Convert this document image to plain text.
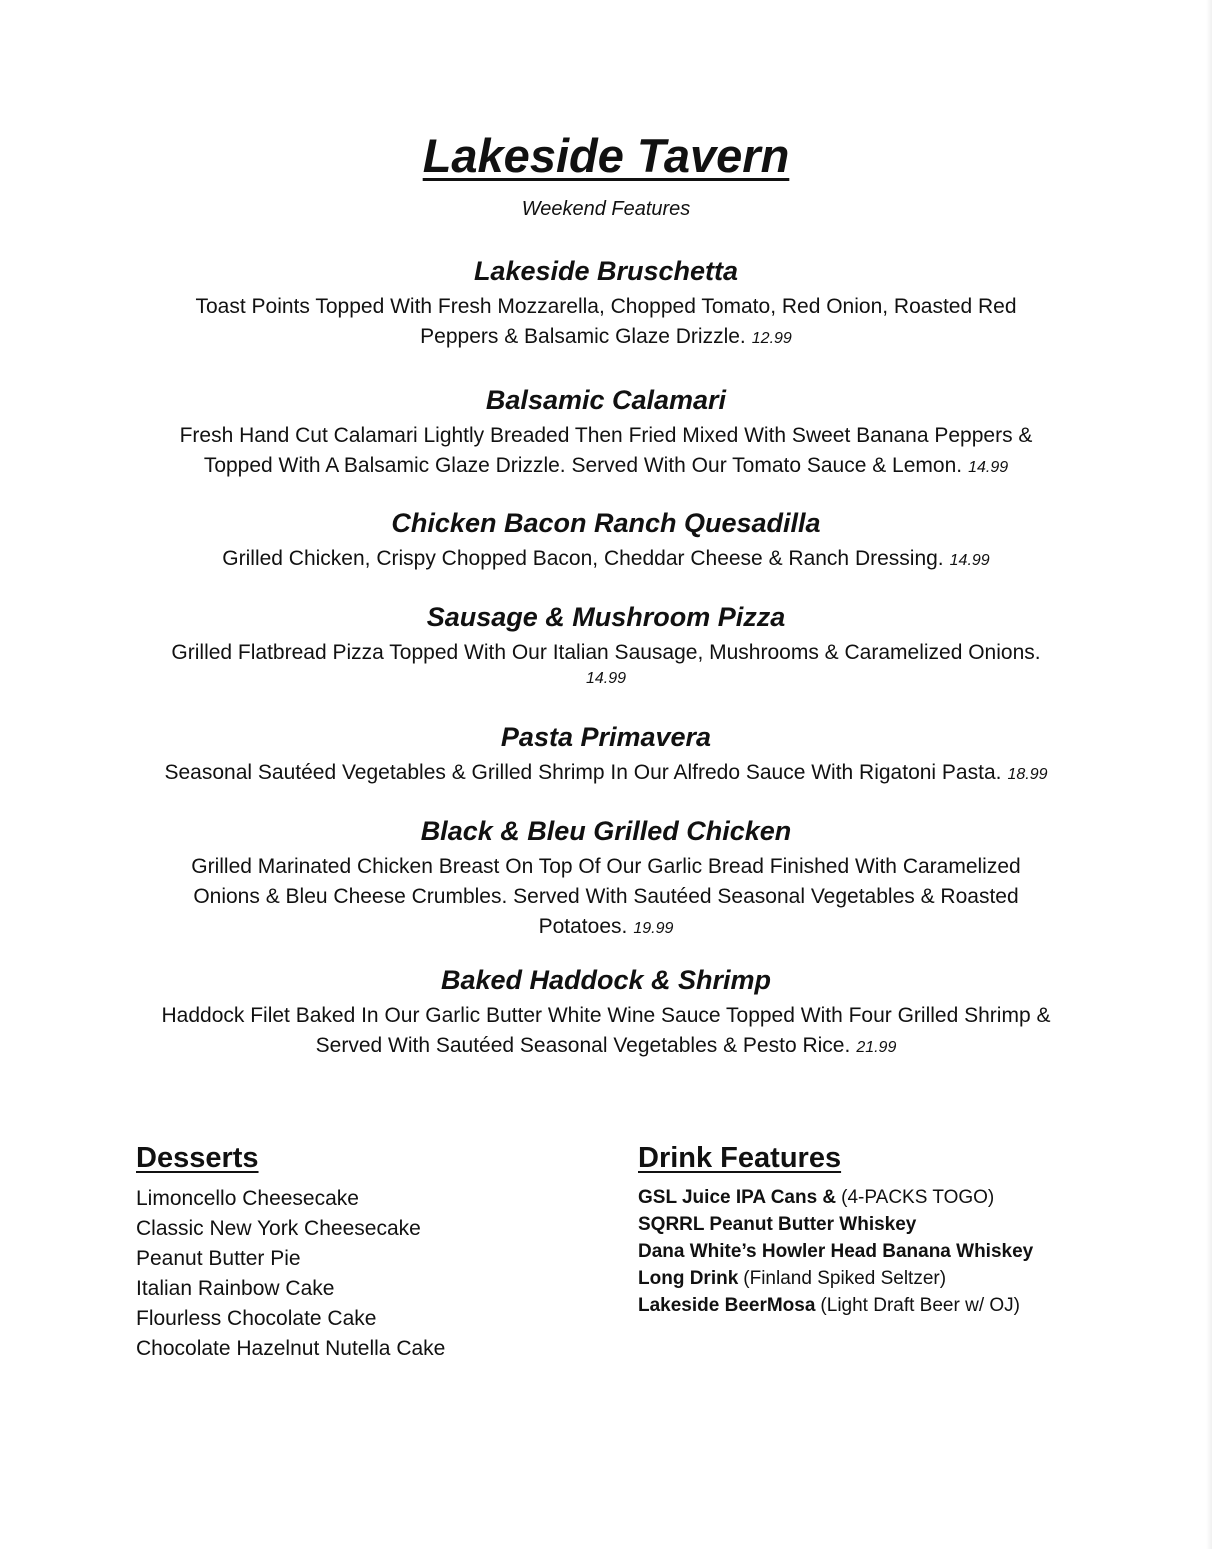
Lakeside Tavern

Weekend Features

Lakeside Bruschetta

Toast Points Topped With Fresh Mozzarella, Chopped Tomato, Red Onion, Roasted Red
Peppers & Balsamic Glaze Drizzle. 12.99

Balsamic Calamari

Fresh Hand Cut Calamari Lightly Breaded Then Fried Mixed With Sweet Banana Peppers &
Topped With A Balsamic Glaze Drizzle. Served With Our Tomato Sauce & Lemon. 14.99

Chicken Bacon Ranch Quesadilla

Grilled Chicken, Crispy Chopped Bacon, Cheddar Cheese & Ranch Dressing. 14.99

Sausage & Mushroom Pizza

Grilled Flatbread Pizza Topped With Our Italian Sausage, Mushrooms & Caramelized Onions.
14.99

Pasta Primavera

Seasonal Sautéed Vegetables & Grilled Shrimp In Our Alfredo Sauce With Rigatoni Pasta. 18.99

Black & Bleu Grilled Chicken

Grilled Marinated Chicken Breast On Top Of Our Garlic Bread Finished With Caramelized
Onions & Bleu Cheese Crumbles. Served With Sautéed Seasonal Vegetables & Roasted
Potatoes. 19.99

Baked Haddock & Shrimp

Haddock Filet Baked In Our Garlic Butter White Wine Sauce Topped With Four Grilled Shrimp &
Served With Sautéed Seasonal Vegetables & Pesto Rice. 21.99

Desserts

Limoncello Cheesecake

Classic New York Cheesecake

Peanut Butter Pie

Italian Rainbow Cake

Flourless Chocolate Cake

Chocolate Hazelnut Nutella Cake

Drink Features

GSL Juice IPA Cans & (4-PACKS TOGO)

SQRRL Peanut Butter Whiskey

Dana White’s Howler Head Banana Whiskey

Long Drink (Finland Spiked Seltzer)

Lakeside BeerMosa (Light Draft Beer w/ OJ)
